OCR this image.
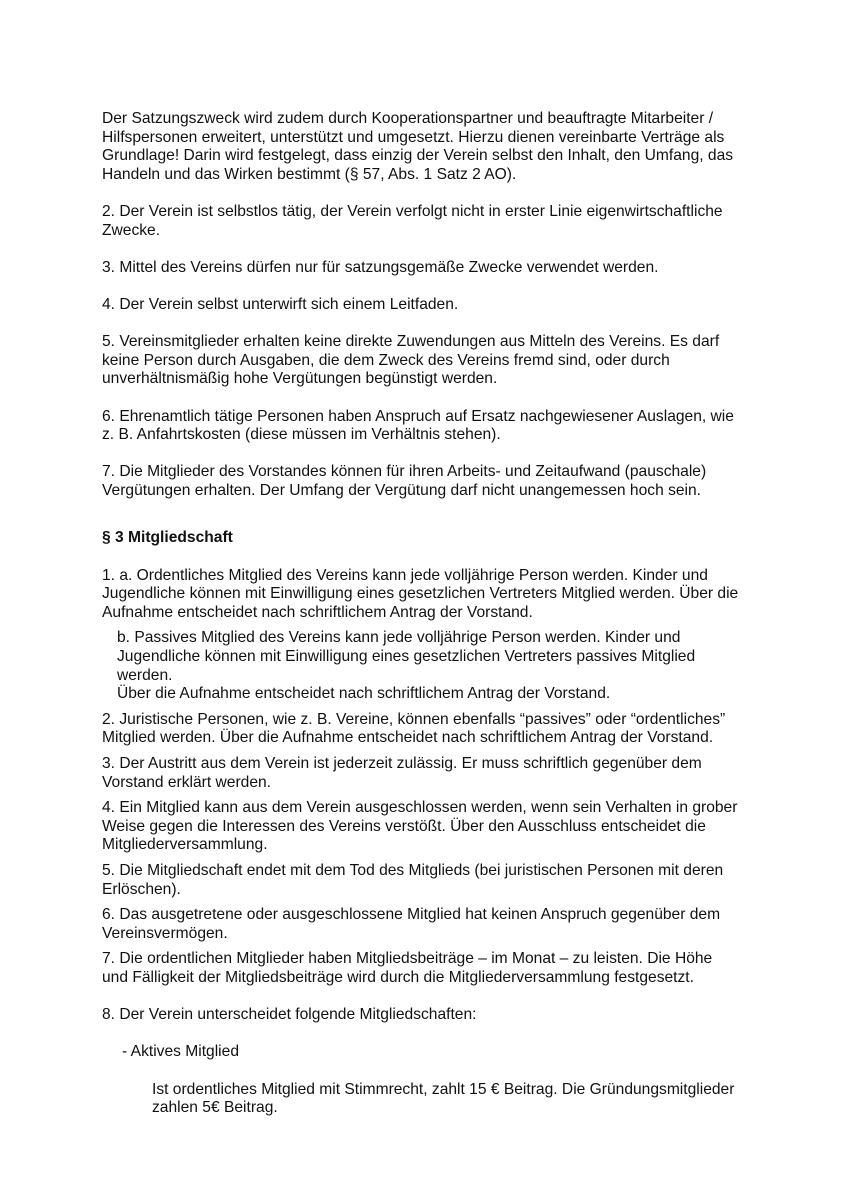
Der Satzungszweck wird zudem durch Kooperationspartner und beauftragte Mitarbeiter /
Hilfspersonen erweitert, unterstützt und umgesetzt. Hierzu dienen vereinbarte Verträge als
Grundlage! Darin wird festgelegt, dass einzig der Verein selbst den Inhalt, den Umfang, das
Handeln und das Wirken bestimmt (§ 57, Abs. 1 Satz 2 AO).

2. Der Verein ist selbstlos tätig, der Verein verfolgt nicht in erster Linie eigenwirtschaftliche
Zwecke.

3. Mittel des Vereins dürfen nur für satzungsgemäße Zwecke verwendet werden.

4. Der Verein selbst unterwirft sich einem Leitfaden.

5. Vereinsmitglieder erhalten keine direkte Zuwendungen aus Mitteln des Vereins. Es darf
keine Person durch Ausgaben, die dem Zweck des Vereins fremd sind, oder durch
unverhältnismäßig hohe Vergütungen begünstigt werden.

6. Ehrenamtlich tätige Personen haben Anspruch auf Ersatz nachgewiesener Auslagen, wie
z. B. Anfahrtskosten (diese müssen im Verhältnis stehen).

7. Die Mitglieder des Vorstandes können für ihren Arbeits- und Zeitaufwand (pauschale)
Vergütungen erhalten. Der Umfang der Vergütung darf nicht unangemessen hoch sein.

§ 3 Mitgliedschaft

1. a. Ordentliches Mitglied des Vereins kann jede volljährige Person werden. Kinder und
Jugendliche können mit Einwilligung eines gesetzlichen Vertreters Mitglied werden. Über die
Aufnahme entscheidet nach schriftlichem Antrag der Vorstand.

b. Passives Mitglied des Vereins kann jede volljährige Person werden. Kinder und
Jugendliche können mit Einwilligung eines gesetzlichen Vertreters passives Mitglied werden.
Über die Aufnahme entscheidet nach schriftlichem Antrag der Vorstand.

2. Juristische Personen, wie z. B. Vereine, können ebenfalls “passives” oder “ordentliches”
Mitglied werden. Über die Aufnahme entscheidet nach schriftlichem Antrag der Vorstand.

3. Der Austritt aus dem Verein ist jederzeit zulässig. Er muss schriftlich gegenüber dem
Vorstand erklärt werden.

4. Ein Mitglied kann aus dem Verein ausgeschlossen werden, wenn sein Verhalten in grober
Weise gegen die Interessen des Vereins verstößt. Über den Ausschluss entscheidet die
Mitgliederversammlung.

5. Die Mitgliedschaft endet mit dem Tod des Mitglieds (bei juristischen Personen mit deren
Erlöschen).

6. Das ausgetretene oder ausgeschlossene Mitglied hat keinen Anspruch gegenüber dem
Vereinsvermögen.

7. Die ordentlichen Mitglieder haben Mitgliedsbeiträge – im Monat – zu leisten. Die Höhe
und Fälligkeit der Mitgliedsbeiträge wird durch die Mitgliederversammlung festgesetzt.

8. Der Verein unterscheidet folgende Mitgliedschaften:

- Aktives Mitglied

Ist ordentliches Mitglied mit Stimmrecht, zahlt 15 € Beitrag. Die Gründungsmitglieder
zahlen 5€ Beitrag.
